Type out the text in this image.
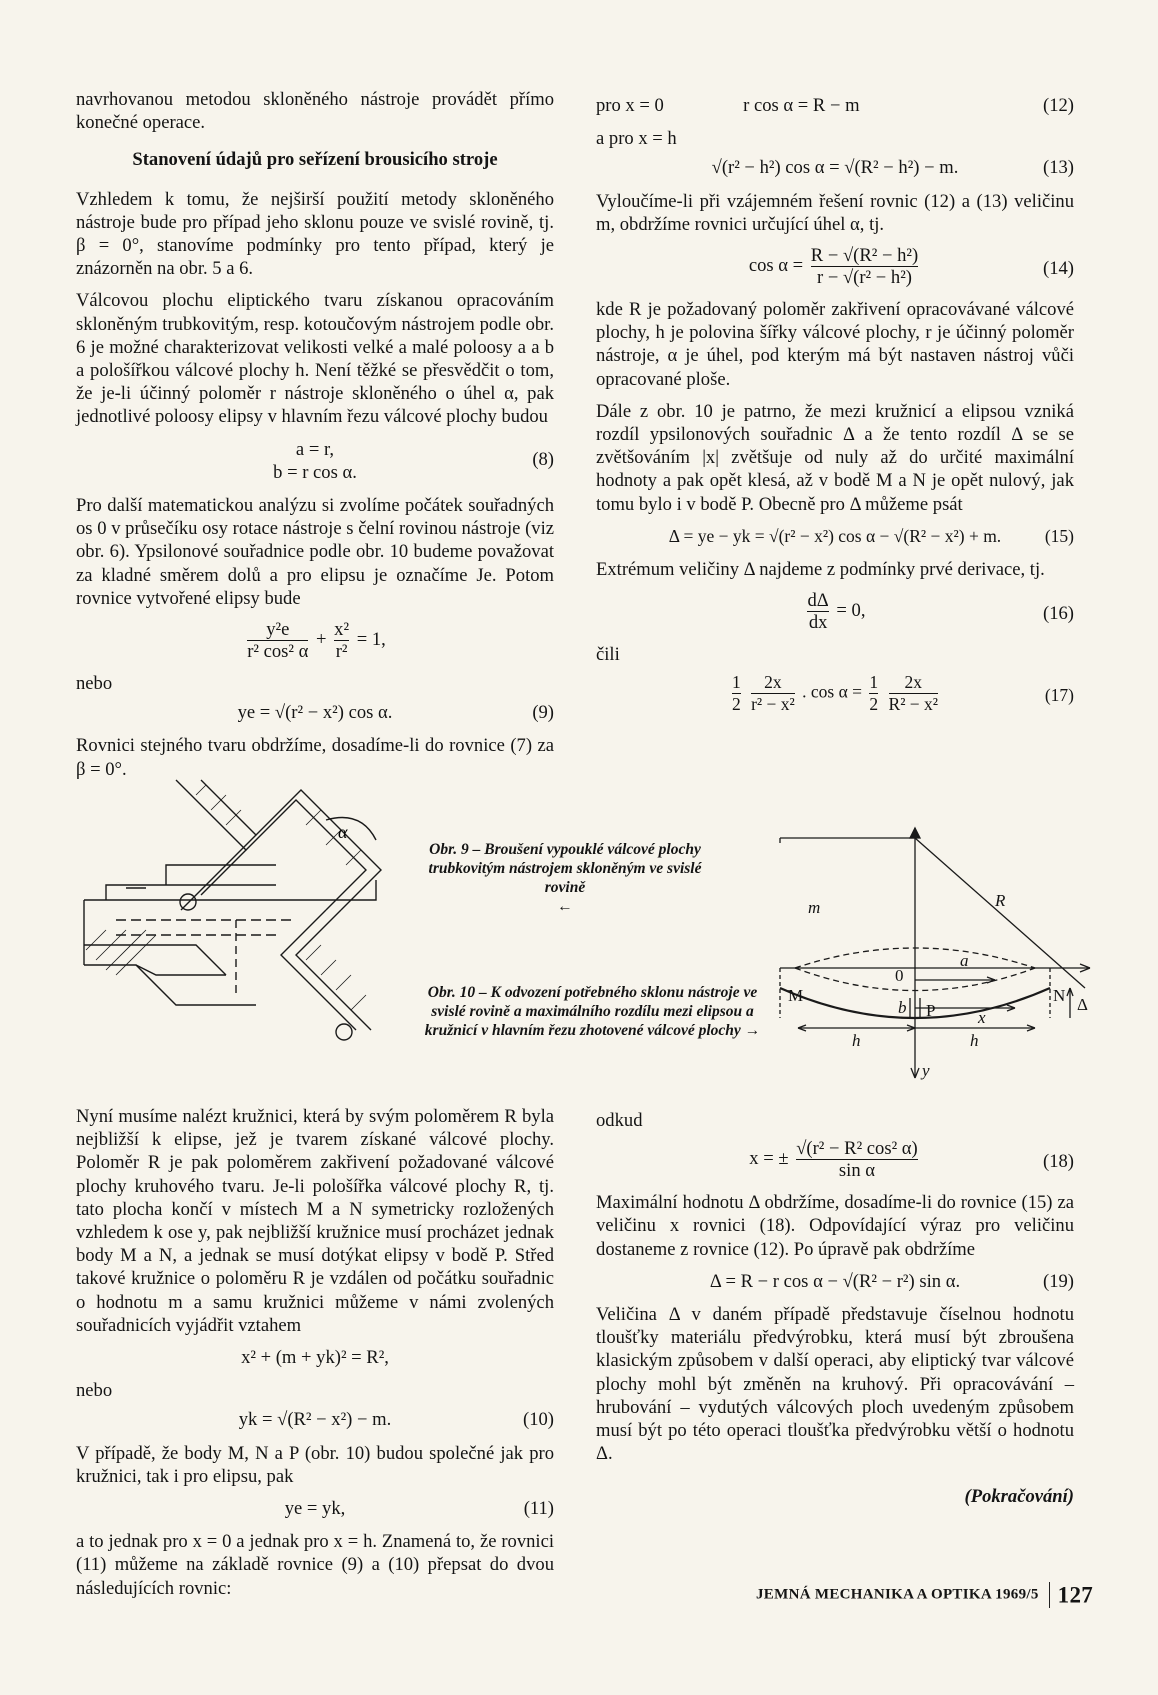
navrhovanou metodou skloněného nástroje provádět přímo konečné operace.

Stanovení údajů pro seřízení brousicího stroje

Vzhledem k tomu, že nejširší použití metody skloněného nástroje bude pro případ jeho sklonu pouze ve svislé rovině, tj. β = 0°, stanovíme podmínky pro tento případ, který je znázorněn na obr. 5 a 6.

Válcovou plochu eliptického tvaru získanou opracováním skloněným trubkovitým, resp. kotoučovým nástrojem podle obr. 6 je možné charakterizovat velikosti velké a malé poloosy a a b a pološířkou válcové plochy h. Není těžké se přesvědčit o tom, že je-li účinný poloměr r nástroje skloněného o úhel α, pak jednotlivé poloosy elipsy v hlavním řezu válcové plochy budou

a = r,
b = r cos α.
(8)

Pro další matematickou analýzu si zvolíme počátek souřadných os 0 v průsečíku osy rotace nástroje s čelní rovinou nástroje (viz obr. 6). Ypsilonové souřadnice podle obr. 10 budeme považovat za kladné směrem dolů a pro elipsu je označíme Je. Potom rovnice vytvořené elipsy bude

$\frac{\text{y²e}}{\text{r² cos² α}} + \frac{\text{x²}}{\text{r²}} = 1$,
nebo
ye = √(r² − x²) cos α.	(9)

Rovnici stejného tvaru obdržíme, dosadíme-li do rovnice (7) za β = 0°.

α
Obr. 9 – Broušení vypouklé válcové plochy trubkovitým nástrojem skloněným ve svislé rovině
←	m	R
a
0
M	N
P
b	Δ
x
h	h
y
Obr. 10 – K odvození potřebného sklonu nástroje ve svislé rovině a maximálního rozdílu mezi elipsou a kružnicí v hlavním řezu zhotovené válcové plochy →

Nyní musíme nalézt kružnici, která by svým poloměrem R byla nejbližší k elipse, jež je tvarem získané válcové plochy. Poloměr R je pak poloměrem zakřivení požadované válcové plochy kruhového tvaru. Je-li pološířka válcové plochy R, tj. tato plocha končí v místech M a N symetricky rozložených vzhledem k ose y, pak nejbližší kružnice musí procházet jednak body M a N, a jednak se musí dotýkat elipsy v bodě P. Střed takové kružnice o poloměru R je vzdálen od počátku souřadnic o hodnotu m a samu kružnici můžeme v námi zvolených souřadnicích vyjádřit vztahem

x² + (m + yk)² = R²,
nebo
yk = √(R² − x²) − m.	(10)

V případě, že body M, N a P (obr. 10) budou společné jak pro kružnici, tak i pro elipsu, pak

ye = yk,	(11)

a to jednak pro x = 0 a jednak pro x = h. Znamená to, že rovnici (11) můžeme na základě rovnice (9) a (10) přepsat do dvou následujících rovnic:

pro x = 0	r cos α = R − m	(12)
a pro x = h
√(r² − h²) cos α = √(R² − h²) − m.	(13)

Vyloučíme-li při vzájemném řešení rovnic (12) a (13) veličinu m, obdržíme rovnici určující úhel α, tj.

$\cos \alpha = \frac{\text{R − √(R² − h²)}}{\text{r − √(r² − h²)}}$	(14)

kde R je požadovaný poloměr zakřivení opracovávané válcové plochy, h je polovina šířky válcové plochy, r je účinný poloměr nástroje, α je úhel, pod kterým má být nastaven nástroj vůči opracované ploše.

Dále z obr. 10 je patrno, že mezi kružnicí a elipsou vzniká rozdíl ypsilonových souřadnic Δ a že tento rozdíl Δ se se zvětšováním |x| zvětšuje od nuly až do určité maximální hodnoty a pak opět klesá, až v bodě M a N je opět nulový, jak tomu bylo i v bodě P. Obecně pro Δ můžeme psát

Δ = ye − yk = √(r² − x²) cos α − √(R² − x²) + m. (15)

Extrémum veličiny Δ najdeme z podmínky prvé derivace, tj.

$\frac{d\Delta}{dx} = 0$,	(16)
čili
$\frac{1}{2}$
$\frac{2x}{\text{r² − x²}}$ . $\cos \alpha = \frac{1}{2}$
$\frac{2x}{\text{R² − x²}}$	(17)
odkud
x = ± $\frac{\text{√(r² − R² cos² α)}}{\text{sin α}}$	(18)

Maximální hodnotu Δ obdržíme, dosadíme-li do rovnice (15) za veličinu x rovnici (18). Odpovídající výraz pro veličinu dostaneme z rovnice (12). Po úpravě pak obdržíme

Δ = R − r cos α − √(R² − r²) sin α.	(19)

Veličina Δ v daném případě představuje číselnou hodnotu tloušťky materiálu předvýrobku, která musí být zbroušena klasickým způsobem v další operaci, aby eliptický tvar válcové plochy mohl být změněn na kruhový. Při opracovávání – hrubování – vydutých válcových ploch uvedeným způsobem musí být po této operaci tloušťka předvýrobku větší o hodnotu Δ.

(Pokračování)
JEMNÁ MECHANIKA A OPTIKA 1969/5 127
